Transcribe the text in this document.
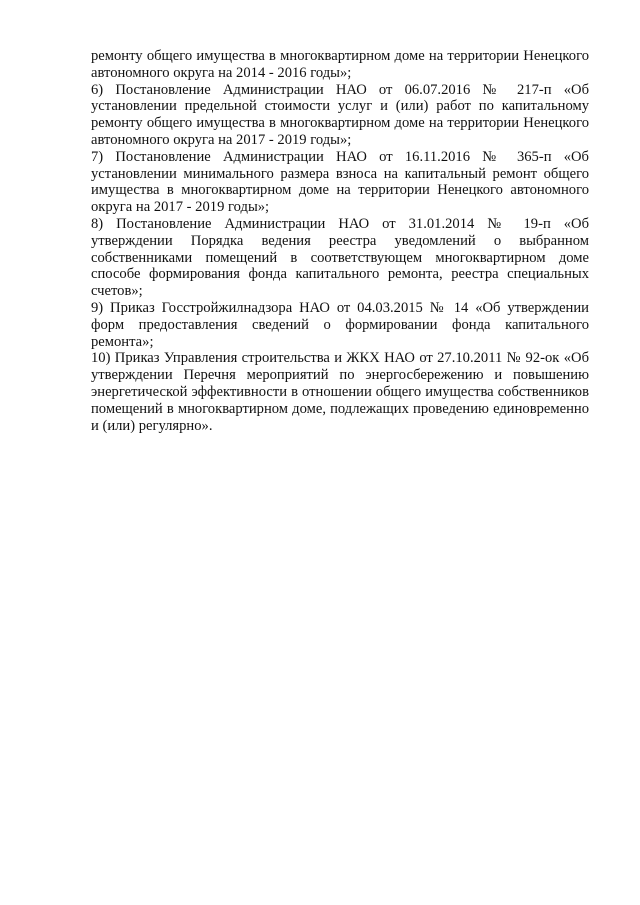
ремонту общего имущества в многоквартирном доме на территории Ненецкого автономного округа на 2014 - 2016 годы»;

6) Постановление Администрации НАО от 06.07.2016 № 217-п «Об установлении предельной стоимости услуг и (или) работ по капитальному ремонту общего имущества в многоквартирном доме на территории Ненецкого автономного округа на 2017 - 2019 годы»;

7) Постановление Администрации НАО от 16.11.2016 № 365-п «Об установлении минимального размера взноса на капитальный ремонт общего имущества в многоквартирном доме на территории Ненецкого автономного округа на 2017 - 2019 годы»;

8) Постановление Администрации НАО от 31.01.2014 № 19-п «Об утверждении Порядка ведения реестра уведомлений о выбранном собственниками помещений в соответствующем многоквартирном доме способе формирования фонда капитального ремонта, реестра специальных счетов»;

9) Приказ Госстройжилнадзора НАО от 04.03.2015 № 14 «Об утверждении форм предоставления сведений о формировании фонда капитального ремонта»;

10) Приказ Управления строительства и ЖКХ НАО от 27.10.2011 № 92-ок «Об утверждении Перечня мероприятий по энергосбережению и повышению энергетической эффективности в отношении общего имущества собственников помещений в многоквартирном доме, подлежащих проведению единовременно и (или) регулярно».
